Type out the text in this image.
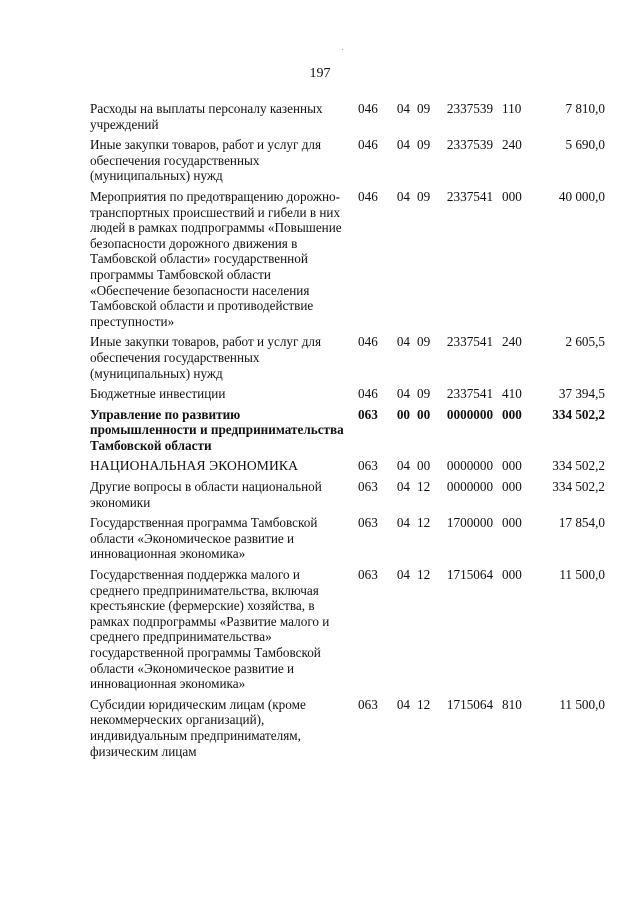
197
Расходы на выплаты персоналу казенных учреждений		046	04	09	2337539	110	7 810,0
Иные закупки товаров, работ и услуг для обеспечения государственных (муниципальных) нужд		046	04	09	2337539	240	5 690,0
Мероприятия по предотвращению дорожно-транспортных происшествий и гибели в них людей в рамках подпрограммы «Повышение безопасности дорожного движения в Тамбовской области» государственной программы Тамбовской области «Обеспечение безопасности населения Тамбовской области и противодействие преступности»		046	04	09	2337541	000	40 000,0
Иные закупки товаров, работ и услуг для обеспечения государственных (муниципальных) нужд		046	04	09	2337541	240	2 605,5
Бюджетные инвестиции		046	04	09	2337541	410	37 394,5
Управление по развитию промышленности и предпринимательства Тамбовской области		063	00	00	0000000	000	334 502,2
НАЦИОНАЛЬНАЯ ЭКОНОМИКА		063	04	00	0000000	000	334 502,2
Другие вопросы в области национальной экономики		063	04	12	0000000	000	334 502,2
Государственная программа Тамбовской области «Экономическое развитие и инновационная экономика»		063	04	12	1700000	000	17 854,0
Государственная поддержка малого и среднего предпринимательства, включая крестьянские (фермерские) хозяйства, в рамках подпрограммы «Развитие малого и среднего предпринимательства» государственной программы Тамбовской области «Экономическое развитие и инновационная экономика»		063	04	12	1715064	000	11 500,0
Субсидии юридическим лицам (кроме некоммерческих организаций), индивидуальным предпринимателям, физическим лицам		063	04	12	1715064	810	11 500,0
